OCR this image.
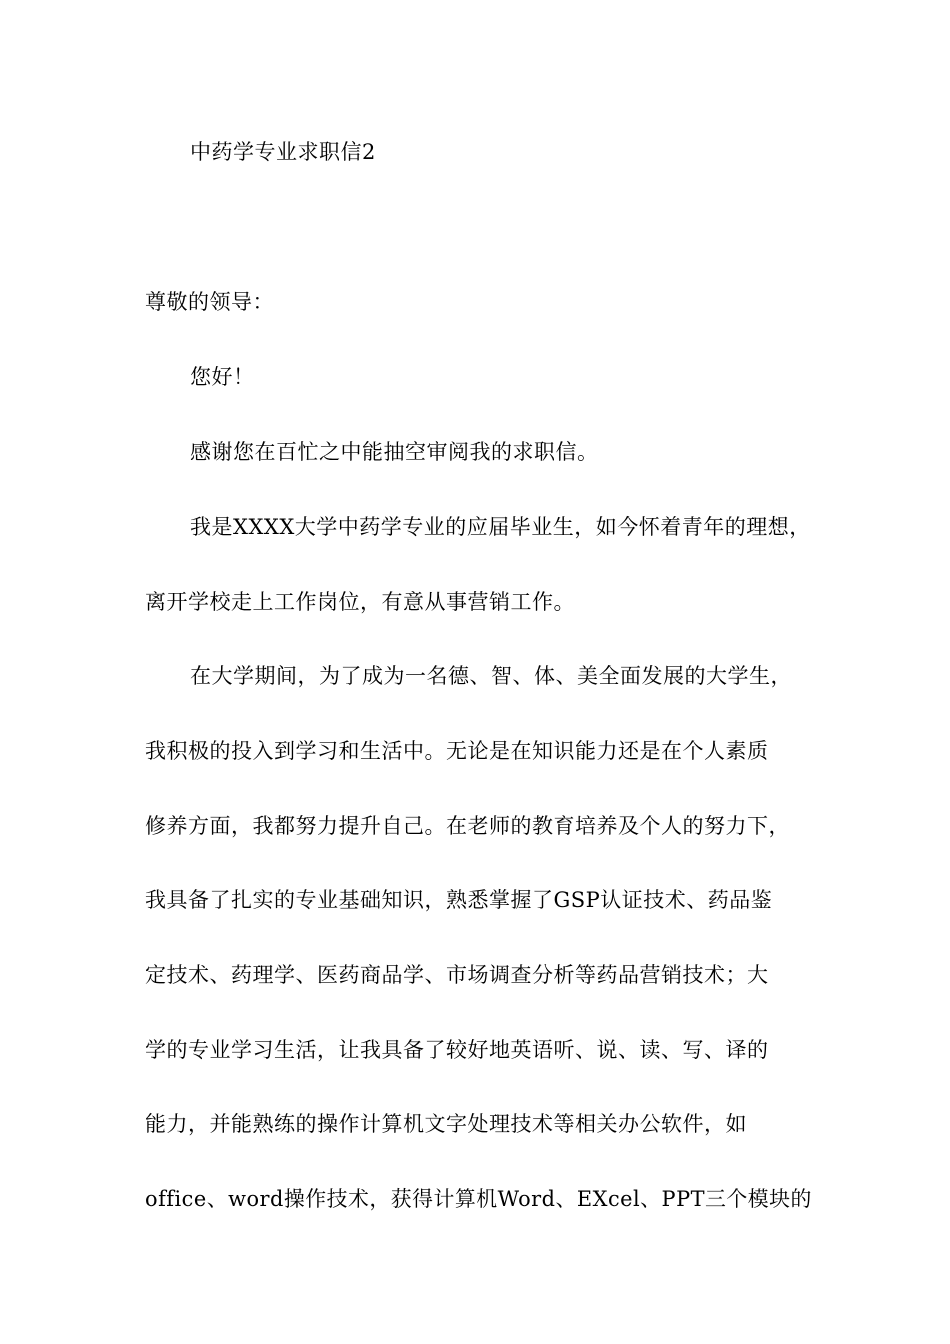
中药学专业求职信2
尊敬的领导：
您好！
感谢您在百忙之中能抽空审阅我的求职信。
我是XXXX大学中药学专业的应届毕业生，如今怀着青年的理想，
离开学校走上工作岗位，有意从事营销工作。
在大学期间，为了成为一名德、智、体、美全面发展的大学生，
我积极的投入到学习和生活中。无论是在知识能力还是在个人素质
修养方面，我都努力提升自己。在老师的教育培养及个人的努力下，
我具备了扎实的专业基础知识，熟悉掌握了GSP认证技术、药品鉴
定技术、药理学、医药商品学、市场调查分析等药品营销技术；大
学的专业学习生活，让我具备了较好地英语听、说、读、写、译的
能力，并能熟练的操作计算机文字处理技术等相关办公软件，如
office、word操作技术，获得计算机Word、EXcel、PPT三个模块的
